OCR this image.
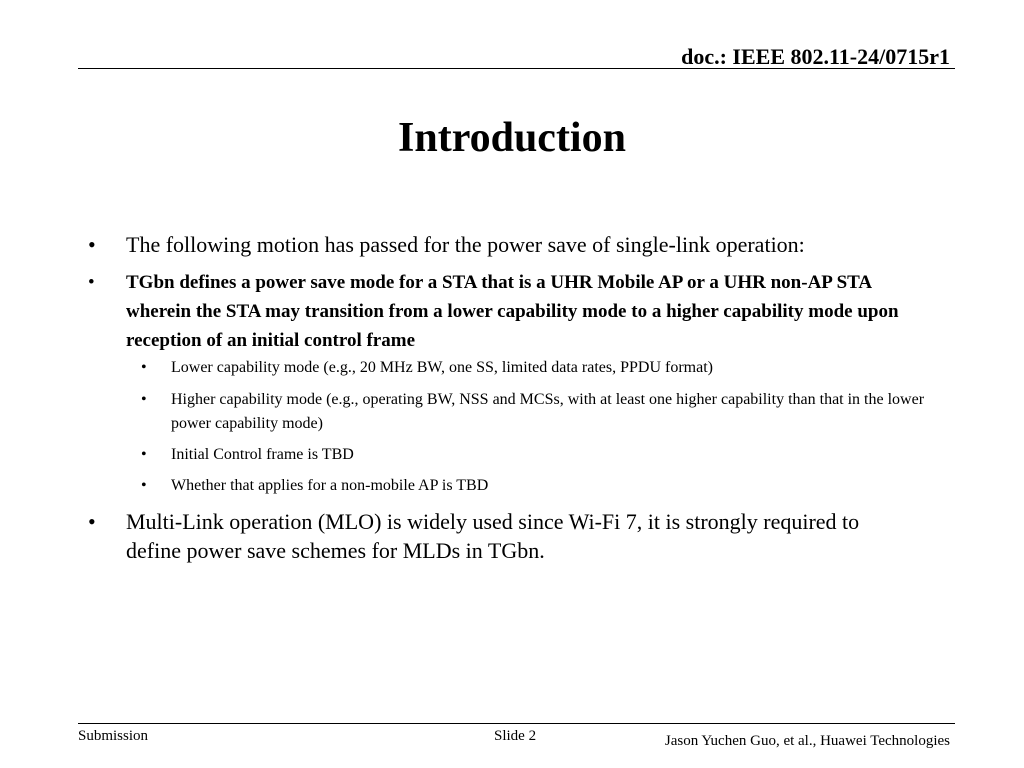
doc.: IEEE 802.11-24/0715r1
Introduction
• The following motion has passed for the power save of single-link operation:
• TGbn defines a power save mode for a STA that is a UHR Mobile AP or a UHR non-AP STA wherein the STA may transition from a lower capability mode to a higher capability mode upon reception of an initial control frame
• Lower capability mode (e.g., 20 MHz BW, one SS, limited data rates, PPDU format)
• Higher capability mode (e.g., operating BW, NSS and MCSs, with at least one higher capability than that in the lower power capability mode)
• Initial Control frame is TBD
• Whether that applies for a non-mobile AP is TBD
• Multi-Link operation (MLO) is widely used since Wi-Fi 7, it is strongly required to define power save schemes for MLDs in TGbn.
Submission	Slide 2	Jason Yuchen Guo, et al., Huawei Technologies
